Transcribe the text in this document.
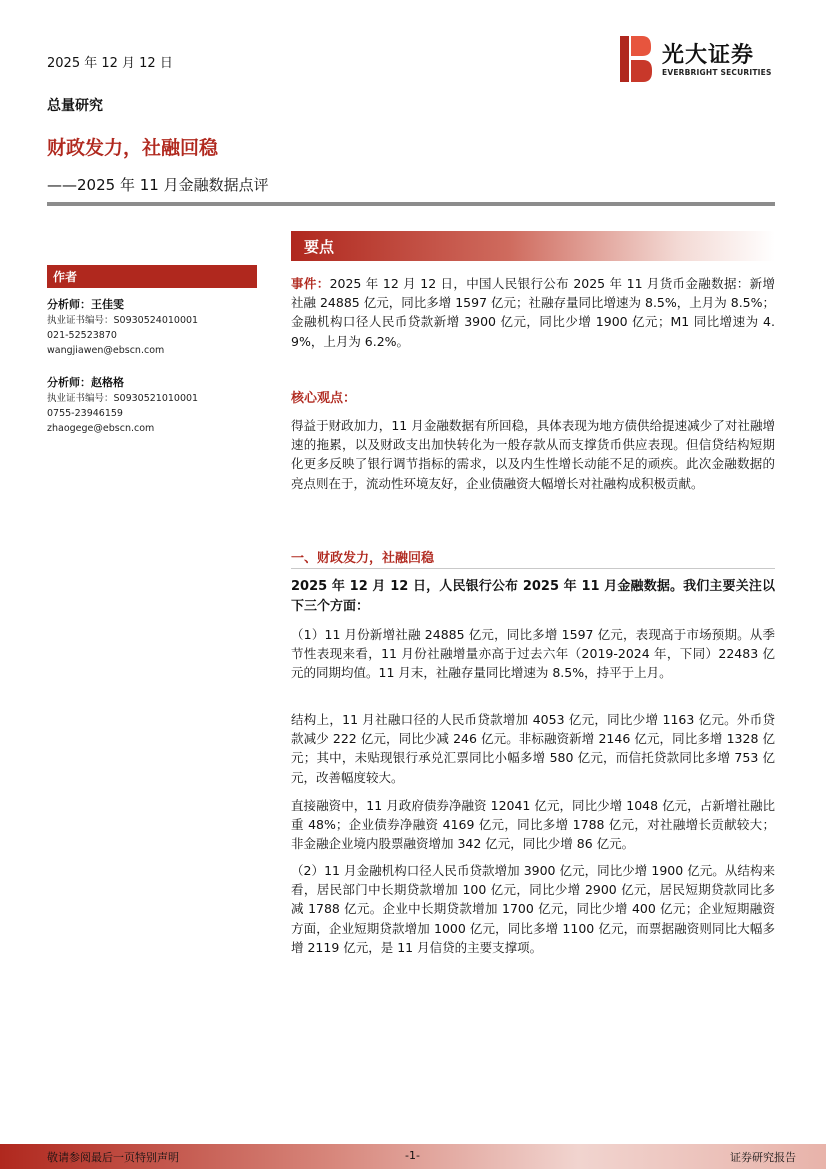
2025 年 12 月 12 日	光大证券
EVERBRIGHT SECURITIES
总量研究
财政发力，社融回稳
——2025 年 11 月金融数据点评
作者
分析师：王佳雯
执业证书编号：S0930524010001
021-52523870
wangjiawen@ebscn.com
分析师：赵格格
执业证书编号：S0930521010001
0755-23946159
zhaogege@ebscn.com
要点
事件：2025 年 12 月 12 日，中国人民银行公布 2025 年 11 月货币金融数据：新增社融 24885 亿元，同比多增 1597 亿元；社融存量同比增速为 8.5%，上月为 8.5%；金融机构口径人民币贷款新增 3900 亿元，同比少增 1900 亿元；M1 同比增速为 4.9%，上月为 6.2%。
核心观点：
得益于财政加力，11 月金融数据有所回稳，具体表现为地方债供给提速减少了对社融增速的拖累，以及财政支出加快转化为一般存款从而支撑货币供应表现。但信贷结构短期化更多反映了银行调节指标的需求，以及内生性增长动能不足的顽疾。此次金融数据的亮点则在于，流动性环境友好，企业债融资大幅增长对社融构成积极贡献。
一、财政发力，社融回稳
2025 年 12 月 12 日，人民银行公布 2025 年 11 月金融数据。我们主要关注以下三个方面：
（1）11 月份新增社融 24885 亿元，同比多增 1597 亿元，表现高于市场预期。从季节性表现来看，11 月份社融增量亦高于过去六年（2019-2024 年，下同）22483 亿元的同期均值。11 月末，社融存量同比增速为 8.5%，持平于上月。
结构上，11 月社融口径的人民币贷款增加 4053 亿元，同比少增 1163 亿元。外币贷款减少 222 亿元，同比少减 246 亿元。非标融资新增 2146 亿元，同比多增 1328 亿元；其中，未贴现银行承兑汇票同比小幅多增 580 亿元，而信托贷款同比多增 753 亿元，改善幅度较大。
直接融资中，11 月政府债券净融资 12041 亿元，同比少增 1048 亿元，占新增社融比重 48%；企业债券净融资 4169 亿元，同比多增 1788 亿元，对社融增长贡献较大；非金融企业境内股票融资增加 342 亿元，同比少增 86 亿元。
（2）11 月金融机构口径人民币贷款增加 3900 亿元，同比少增 1900 亿元。从结构来看，居民部门中长期贷款增加 100 亿元，同比少增 2900 亿元，居民短期贷款同比多减 1788 亿元。企业中长期贷款增加 1700 亿元，同比少增 400 亿元；企业短期融资方面，企业短期贷款增加 1000 亿元，同比多增 1100 亿元，而票据融资则同比大幅多增 2119 亿元，是 11 月信贷的主要支撑项。
敬请参阅最后一页特别声明	-1-	证券研究报告
